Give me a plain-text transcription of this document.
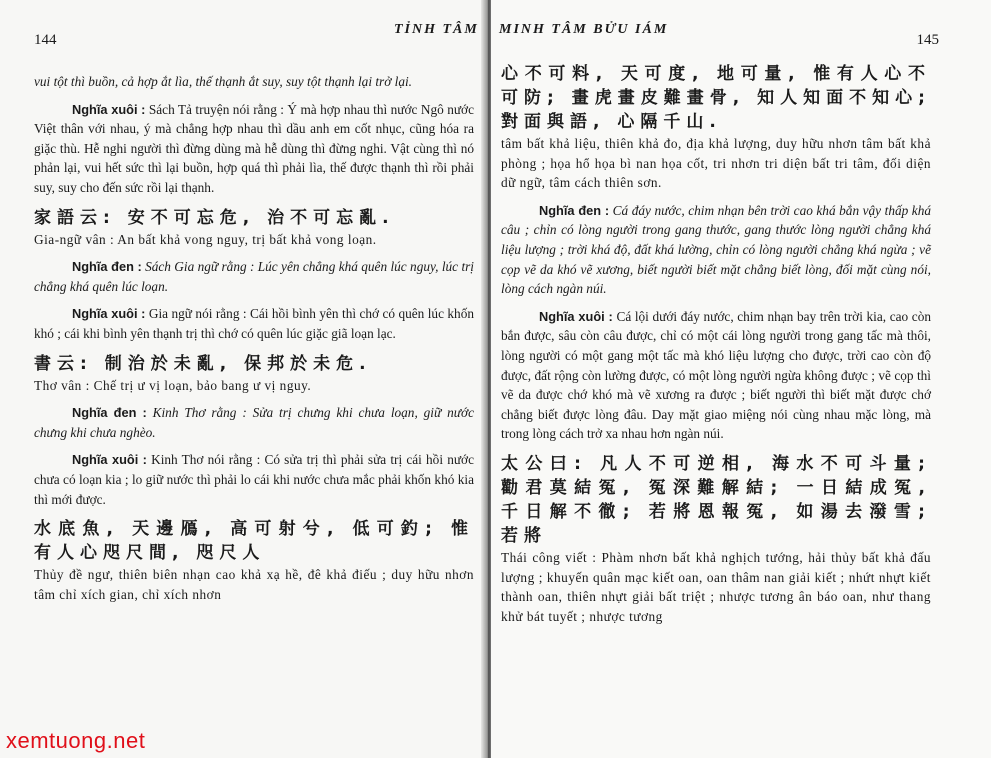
144
TỈNH TÂM

vui tột thì buồn, cả hợp ắt lìa, thế thạnh ắt suy, suy tột thạnh lại trở lại.

Nghĩa xuôi : Sách Tả truyện nói rằng : Ý mà hợp nhau thì nước Ngô nước Việt thân với nhau, ý mà chẳng hợp nhau thì dầu anh em cốt nhục, cũng hóa ra giặc thù. Hễ nghi người thì đừng dùng mà hễ dùng thì đừng nghi. Vật cùng thì nó phản lại, vui hết sức thì lại buồn, hợp quá thì phải lìa, thế được thạnh thì rồi phải suy, suy cho đến sức rồi lại thạnh.

家語云: 安不可忘危, 治不可忘亂.

Gia-ngữ vân : An bất khả vong nguy, trị bất khả vong loạn.

Nghĩa đen : Sách Gia ngữ rằng : Lúc yên chẳng khá quên lúc nguy, lúc trị chẳng khá quên lúc loạn.

Nghĩa xuôi : Gia ngữ nói rằng : Cái hồi bình yên thì chớ có quên lúc khốn khó ; cái khi bình yên thạnh trị thì chớ có quên lúc giặc giã loạn lạc.

書云: 制治於未亂, 保邦於未危.

Thơ vân : Chế trị ư vị loạn, bảo bang ư vị nguy.

Nghĩa đen : Kinh Thơ rằng : Sửa trị chưng khi chưa loạn, giữ nước chưng khi chưa nghèo.

Nghĩa xuôi : Kinh Thơ nói rằng : Có sửa trị thì phải sửa trị cái hồi nước chưa có loạn kia ; lo giữ nước thì phải lo cái khi nước chưa mắc phải khốn khó kia thì mới được.

水底魚, 天邊鴈, 高可射兮, 低可釣; 惟有人心咫尺間, 咫尺人

Thủy đề ngư, thiên biên nhạn cao khả xạ hề, đê khả điếu ; duy hữu nhơn tâm chỉ xích gian, chỉ xích nhơn

MINH TÂM BỬU IÁM
145

心不可料, 天可度, 地可量, 惟有人心不可防; 畫虎畫皮難畫骨, 知人知面不知心; 對面與語, 心隔千山.

tâm bất khả liệu, thiên khả đo, địa khả lượng, duy hữu nhơn tâm bất khả phòng ; họa hổ họa bì nan họa cốt, tri nhơn tri diện bất tri tâm, đối diện dữ ngữ, tâm cách thiên sơn.

Nghĩa đen : Cá đáy nước, chim nhạn bên trời cao khá bắn vậy thấp khá câu ; chỉn có lòng người trong gang thước, gang thước lòng người chẳng khá liệu lượng ; trời khá độ, đất khá lường, chỉn có lòng người chẳng khá ngừa ; vẽ cọp vẽ da khó vẽ xương, biết người biết mặt chẳng biết lòng, đối mặt cùng nói, lòng cách ngàn núi.

Nghĩa xuôi : Cá lội dưới đáy nước, chim nhạn bay trên trời kia, cao còn bắn được, sâu còn câu được, chỉ có một cái lòng người trong gang tấc mà thôi, lòng người có một gang một tấc mà khó liệu lượng cho được, trời cao còn độ được, đất rộng còn lường được, có một lòng người ngừa không được ; vẽ cọp thì vẽ da được chớ khó mà vẽ xương ra được ; biết người thì biết mặt được chớ chẳng biết được lòng đâu. Day mặt giao miệng nói cùng nhau mặc lòng, mà trong lòng cách trở xa nhau hơn ngàn núi.

太公曰: 凡人不可逆相, 海水不可斗量; 勸君莫結冤, 冤深難解結; 一日結成冤, 千日解不徹; 若將恩報冤, 如湯去潑雪; 若將

Thái công viết : Phàm nhơn bất khả nghịch tướng, hải thủy bất khả đấu lượng ; khuyến quân mạc kiết oan, oan thâm nan giải kiết ; nhứt nhựt kiết thành oan, thiên nhựt giải bất triệt ; nhược tương ân báo oan, như thang khử bát tuyết ; nhược tương

xemtuong.net
